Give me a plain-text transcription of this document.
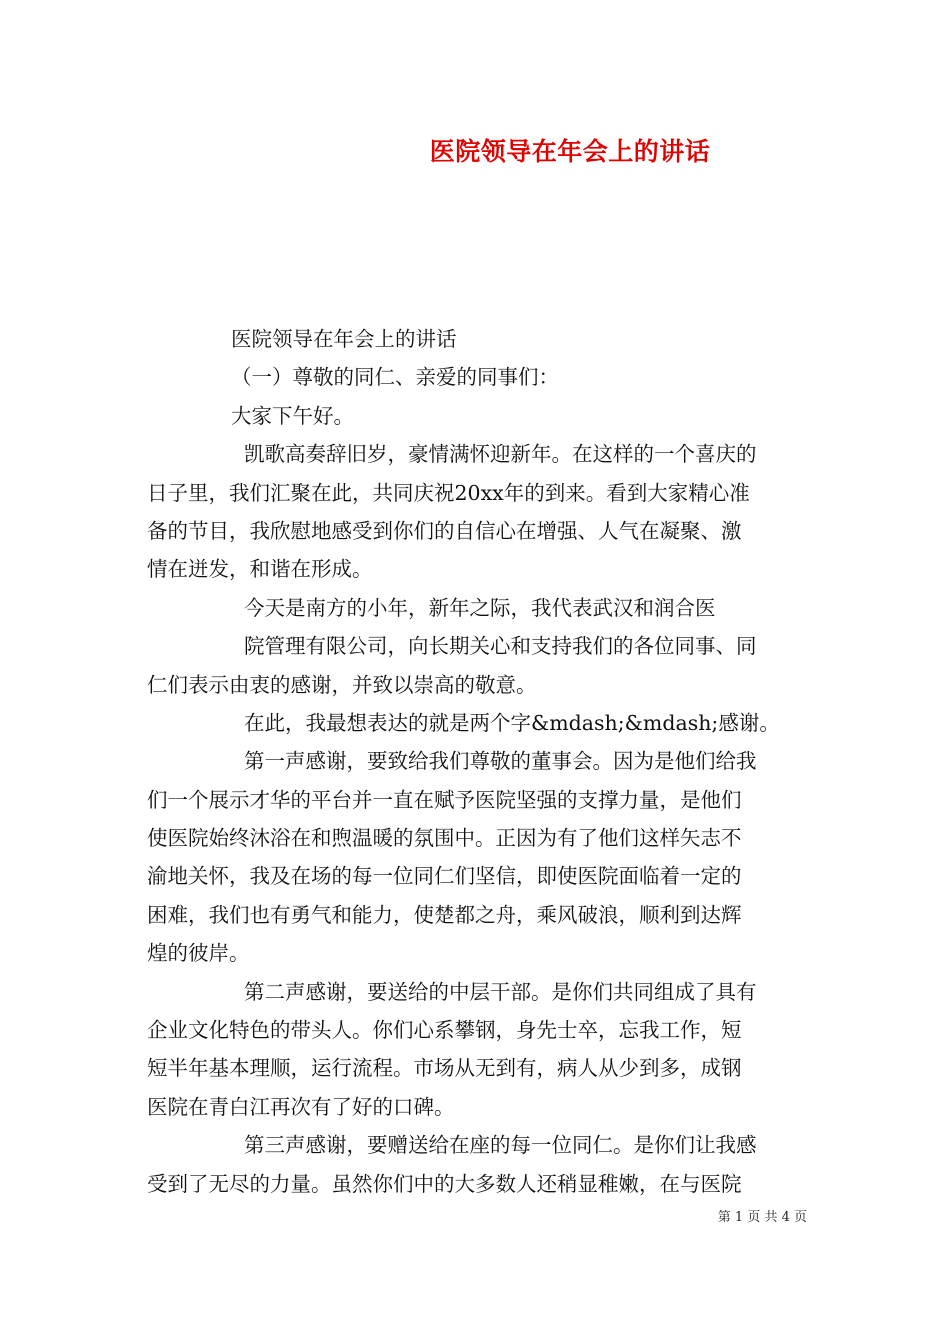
医院领导在年会上的讲话
医院领导在年会上的讲话
（一）尊敬的同仁、亲爱的同事们：
大家下午好。
凯歌高奏辞旧岁，豪情满怀迎新年。在这样的一个喜庆的
日子里，我们汇聚在此，共同庆祝20xx年的到来。看到大家精心准
备的节目，我欣慰地感受到你们的自信心在增强、人气在凝聚、激
情在迸发，和谐在形成。
今天是南方的小年，新年之际，我代表武汉和润合医
院管理有限公司，向长期关心和支持我们的各位同事、同
仁们表示由衷的感谢，并致以崇高的敬意。
在此，我最想表达的就是两个字&mdash;&mdash;感谢。
第一声感谢，要致给我们尊敬的董事会。因为是他们给我
们一个展示才华的平台并一直在赋予医院坚强的支撑力量，是他们
使医院始终沐浴在和煦温暖的氛围中。正因为有了他们这样矢志不
渝地关怀，我及在场的每一位同仁们坚信，即使医院面临着一定的
困难，我们也有勇气和能力，使楚都之舟，乘风破浪，顺利到达辉
煌的彼岸。
第二声感谢，要送给的中层干部。是你们共同组成了具有
企业文化特色的带头人。你们心系攀钢，身先士卒，忘我工作，短
短半年基本理顺，运行流程。市场从无到有，病人从少到多，成钢
医院在青白江再次有了好的口碑。
第三声感谢，要赠送给在座的每一位同仁。是你们让我感
受到了无尽的力量。虽然你们中的大多数人还稍显稚嫩，在与医院
第 1 页 共 4 页
